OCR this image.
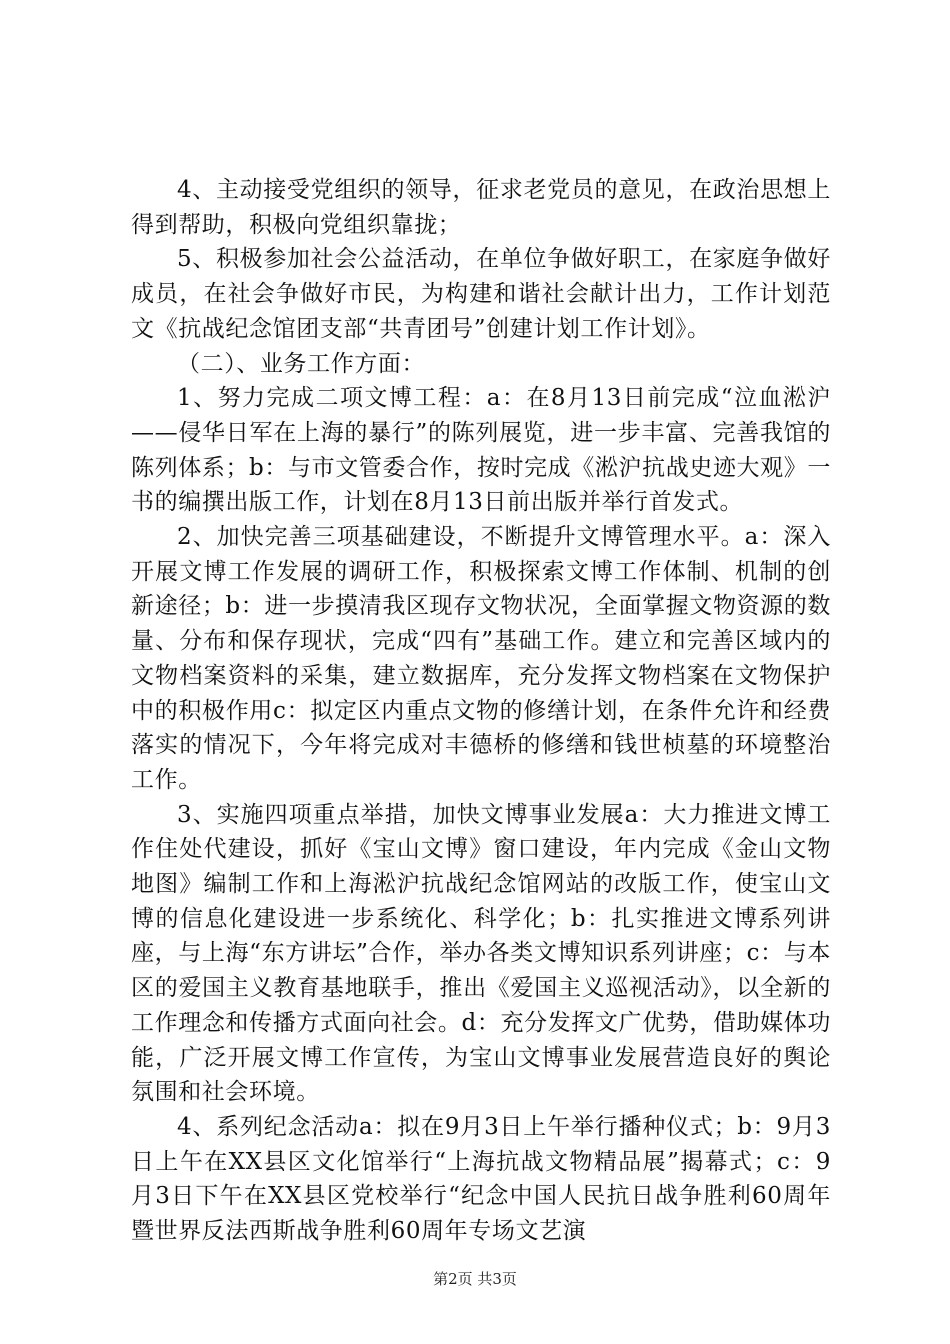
4、主动接受党组织的领导，征求老党员的意见，在政治思想上得到帮助，积极向党组织靠拢；

5、积极参加社会公益活动，在单位争做好职工，在家庭争做好成员，在社会争做好市民，为构建和谐社会献计出力，工作计划范文《抗战纪念馆团支部“共青团号”创建计划工作计划》。

（二）、业务工作方面：

1、努力完成二项文博工程：a：在8月13日前完成“泣血淞沪——侵华日军在上海的暴行”的陈列展览，进一步丰富、完善我馆的陈列体系；b：与市文管委合作，按时完成《淞沪抗战史迹大观》一书的编撰出版工作，计划在8月13日前出版并举行首发式。

2、加快完善三项基础建设，不断提升文博管理水平。a：深入开展文博工作发展的调研工作，积极探索文博工作体制、机制的创新途径；b：进一步摸清我区现存文物状况，全面掌握文物资源的数量、分布和保存现状，完成“四有”基础工作。建立和完善区域内的文物档案资料的采集，建立数据库，充分发挥文物档案在文物保护中的积极作用c：拟定区内重点文物的修缮计划，在条件允许和经费落实的情况下，今年将完成对丰德桥的修缮和钱世桢墓的环境整治工作。

3、实施四项重点举措，加快文博事业发展a：大力推进文博工作住处代建设，抓好《宝山文博》窗口建设，年内完成《金山文物地图》编制工作和上海淞沪抗战纪念馆网站的改版工作，使宝山文博的信息化建设进一步系统化、科学化；b：扎实推进文博系列讲座，与上海“东方讲坛”合作，举办各类文博知识系列讲座；c：与本区的爱国主义教育基地联手，推出《爱国主义巡视活动》，以全新的工作理念和传播方式面向社会。d：充分发挥文广优势，借助媒体功能，广泛开展文博工作宣传，为宝山文博事业发展营造良好的舆论氛围和社会环境。

4、系列纪念活动a：拟在9月3日上午举行播种仪式；b：9月3日上午在XX县区文化馆举行“上海抗战文物精品展”揭幕式；c：9月3日下午在XX县区党校举行“纪念中国人民抗日战争胜利60周年暨世界反法西斯战争胜利60周年专场文艺演

第2页 共3页
